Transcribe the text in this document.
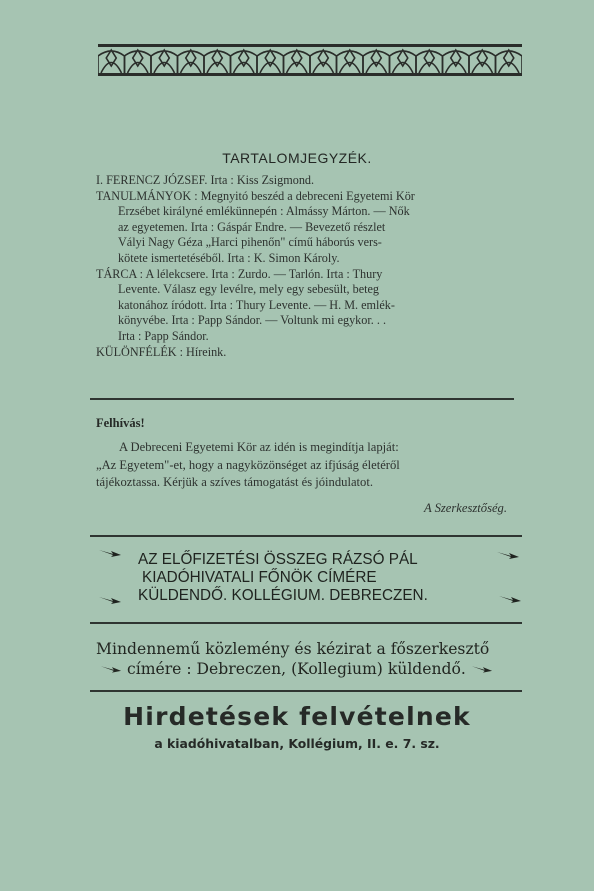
TARTALOMJEGYZÉK.
I. FERENCZ JÓZSEF. Irta : Kiss Zsigmond.
TANULMÁNYOK : Megnyitó beszéd a debreceni Egyetemi Kör
Erzsébet királyné emlékünnepén : Almássy Márton. — Nők
az egyetemen. Irta : Gáspár Endre. — Bevezető részlet
Vályi Nagy Géza „Harci pihenőn" című háborús vers-
kötete ismertetéséből. Irta : K. Simon Károly.
TÁRCA : A lélekcsere. Irta : Zurdo. — Tarlón. Irta : Thury
Levente. Válasz egy levélre, mely egy sebesült, beteg
katonához íródott. Irta : Thury Levente. — H. M. emlék-
könyvébe. Irta : Papp Sándor. — Voltunk mi egykor. . .
Irta : Papp Sándor.
KÜLÖNFÉLÉK : Híreink.
Felhívás!
A Debreceni Egyetemi Kör az idén is megindítja lapját:
„Az Egyetem"-et, hogy a nagyközönséget az ifjúság életéről
tájékoztassa. Kérjük a szíves támogatást és jóindulatot.
A Szerkesztőség.
AZ ELŐFIZETÉSI ÖSSZEG RÁZSÓ PÁL
KIADÓHIVATALI FŐNÖK CÍMÉRE
KÜLDENDŐ. KOLLÉGIUM. DEBRECZEN.
Mindennemű közlemény és kézirat a főszerkesztő
címére : Debreczen, (Kollegium) küldendő.
Hirdetések felvételnek
a kiadóhivatalban, Kollégium, II. e. 7. sz.
